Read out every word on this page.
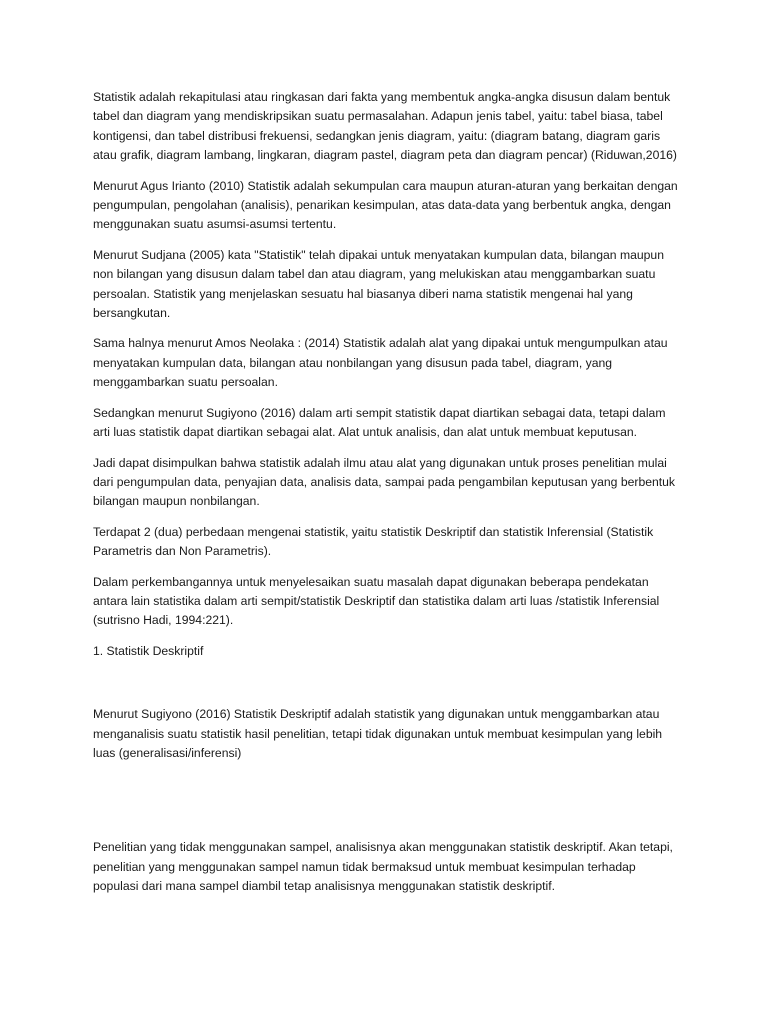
Statistik adalah rekapitulasi atau ringkasan dari fakta yang membentuk angka-angka disusun dalam bentuk tabel dan diagram yang mendiskripsikan suatu permasalahan. Adapun jenis tabel, yaitu: tabel biasa, tabel kontigensi, dan tabel distribusi frekuensi, sedangkan jenis diagram, yaitu: (diagram batang, diagram garis atau grafik, diagram lambang, lingkaran, diagram pastel, diagram peta dan diagram pencar) (Riduwan,2016)

Menurut Agus Irianto (2010) Statistik adalah sekumpulan cara maupun aturan-aturan yang berkaitan dengan pengumpulan, pengolahan (analisis), penarikan kesimpulan, atas data-data yang berbentuk angka, dengan menggunakan suatu asumsi-asumsi tertentu.

Menurut Sudjana (2005) kata "Statistik" telah dipakai untuk menyatakan kumpulan data, bilangan maupun non bilangan yang disusun dalam tabel dan atau diagram, yang melukiskan atau menggambarkan suatu persoalan. Statistik yang menjelaskan sesuatu hal biasanya diberi nama statistik mengenai hal yang bersangkutan.

Sama halnya menurut Amos Neolaka : (2014) Statistik adalah alat yang dipakai untuk mengumpulkan atau menyatakan kumpulan data, bilangan atau nonbilangan yang disusun pada tabel, diagram, yang menggambarkan suatu persoalan.

Sedangkan menurut Sugiyono (2016) dalam arti sempit statistik dapat diartikan sebagai data, tetapi dalam arti luas statistik dapat diartikan sebagai alat. Alat untuk analisis, dan alat untuk membuat keputusan.

Jadi dapat disimpulkan bahwa statistik adalah ilmu atau alat yang digunakan untuk proses penelitian mulai dari pengumpulan data, penyajian data, analisis data, sampai pada pengambilan keputusan yang berbentuk bilangan maupun nonbilangan.

Terdapat 2 (dua) perbedaan mengenai statistik, yaitu statistik Deskriptif dan statistik Inferensial (Statistik Parametris dan Non Parametris).

Dalam perkembangannya untuk menyelesaikan suatu masalah dapat digunakan beberapa pendekatan antara lain statistika dalam arti sempit/statistik Deskriptif dan statistika dalam arti luas /statistik Inferensial (sutrisno Hadi, 1994:221).

1. Statistik Deskriptif

Menurut Sugiyono (2016) Statistik Deskriptif adalah statistik yang digunakan untuk menggambarkan atau menganalisis suatu statistik hasil penelitian, tetapi tidak digunakan untuk membuat kesimpulan yang lebih luas (generalisasi/inferensi)

Penelitian yang tidak menggunakan sampel, analisisnya akan menggunakan statistik deskriptif. Akan tetapi, penelitian yang menggunakan sampel namun tidak bermaksud untuk membuat kesimpulan terhadap populasi dari mana sampel diambil tetap analisisnya menggunakan statistik deskriptif.
